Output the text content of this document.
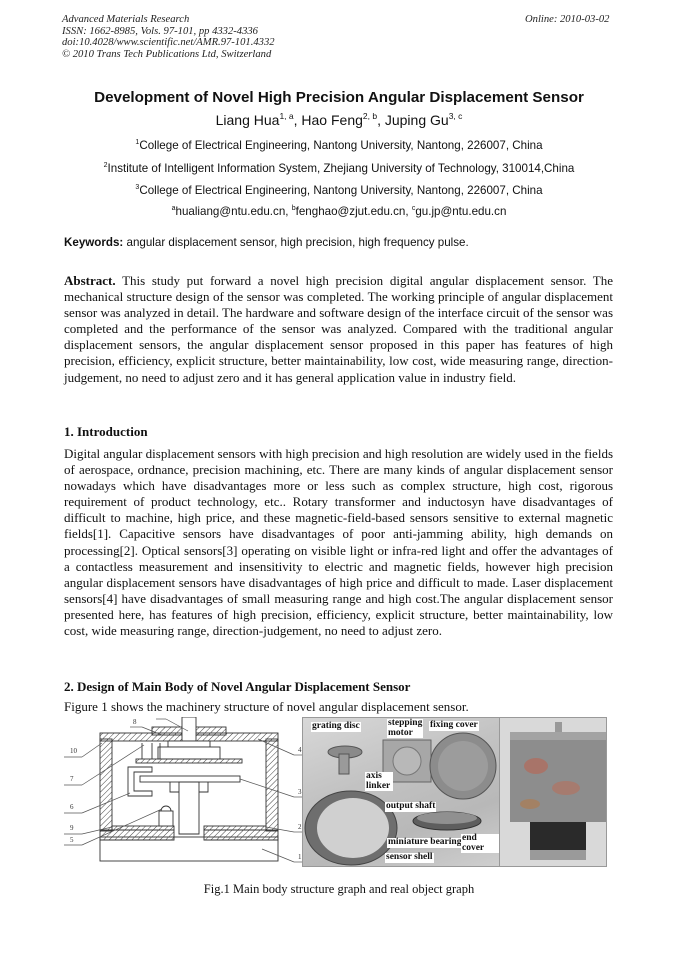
Advanced Materials Research
ISSN: 1662-8985, Vols. 97-101, pp 4332-4336
doi:10.4028/www.scientific.net/AMR.97-101.4332
© 2010 Trans Tech Publications Ltd, Switzerland
Online: 2010-03-02
Development of Novel High Precision Angular Displacement Sensor
Liang Hua$^{1, a}$, Hao Feng$^{2, b}$, Juping Gu$^{3, c}$
$^1$College of Electrical Engineering, Nantong University, Nantong, 226007, China
$^2$Institute of Intelligent Information System, Zhejiang University of Technology, 310014,China
$^3$College of Electrical Engineering, Nantong University, Nantong, 226007, China
$^a$hualiang@ntu.edu.cn, $^b$fenghao@zjut.edu.cn, $^c$gu.jp@ntu.edu.cn
Keywords: angular displacement sensor, high precision, high frequency pulse.
Abstract. This study put forward a novel high precision digital angular displacement sensor. The mechanical structure design of the sensor was completed. The working principle of angular displacement sensor was analyzed in detail. The hardware and software design of the interface circuit of the sensor was completed and the performance of the sensor was analyzed. Compared with the traditional angular displacement sensors, the angular displacement sensor proposed in this paper has features of high precision, efficiency, explicit structure, better maintainability, low cost, wide measuring range, direction-judgement, no need to adjust zero and it has general application value in industry field.
1. Introduction
Digital angular displacement sensors with high precision and high resolution are widely used in the fields of aerospace, ordnance, precision machining, etc. There are many kinds of angular displacement sensor nowadays which have disadvantages more or less such as complex structure, high cost, rigorous requirement of product technology, etc.. Rotary transformer and inductosyn have disadvantages of difficult to machine, high price, and these magnetic-field-based sensors sensitive to external magnetic fields[1]. Capacitive sensors have disadvantages of poor anti-jamming ability, high demands on processing[2]. Optical sensors[3] operating on visible light or infra-red light and offer the advantages of a contactless measurement and insensitivity to electric and magnetic fields, however high precision angular displacement sensors have disadvantages of high price and difficult to made. Laser displacement sensors[4] have disadvantages of small measuring range and high cost.The angular displacement sensor presented here, has features of high precision, efficiency, explicit structure, better maintainability, low cost, wide measuring range, direction-judgement, no need to adjust zero.
2. Design of Main Body of Novel Angular Displacement Sensor
Figure 1 shows the machinery structure of novel angular displacement sensor.
10
7
6
9
5
8
4
3
2
1
grating disc	stepping motor
fixing cover
axis linker
output shaft
miniature bearing end cover
sensor shell
Fig.1 Main body structure graph and real object graph
